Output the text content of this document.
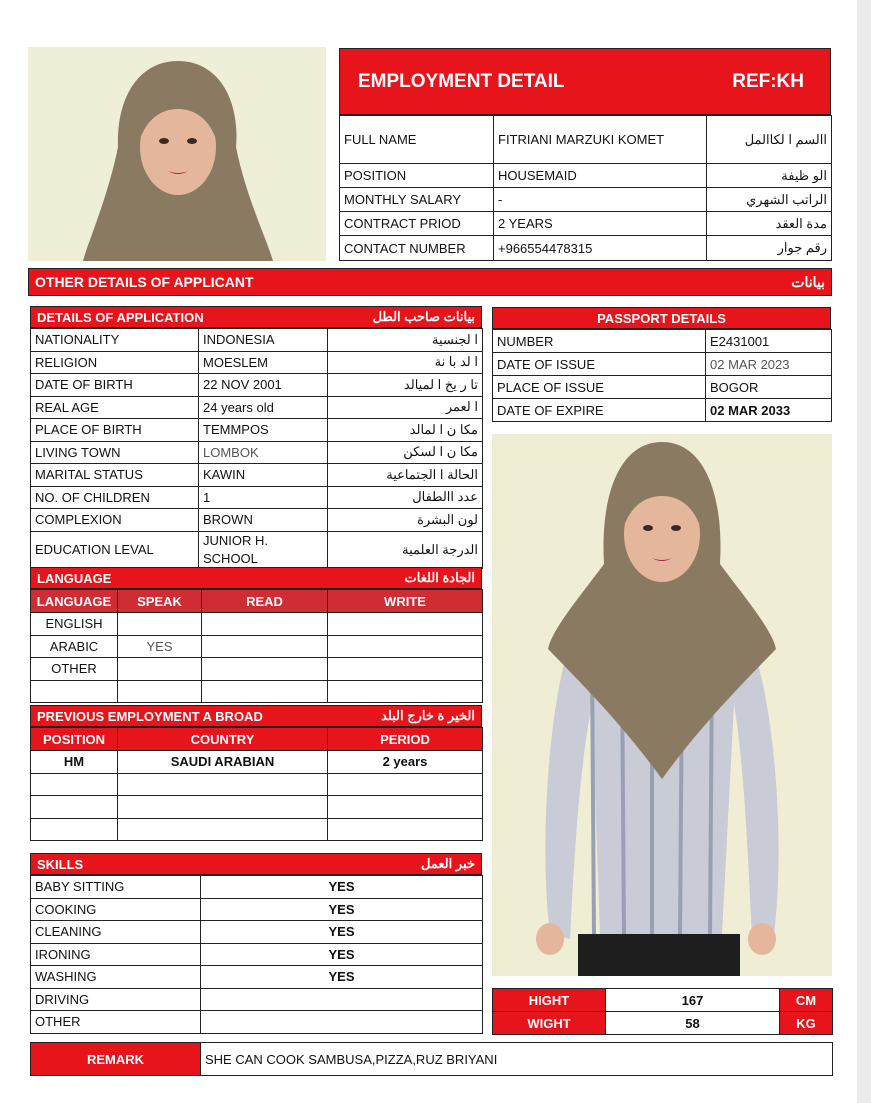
EMPLOYMENT DETAIL	REF:KH
FULL NAME	FITRIANI MARZUKI KOMET	االسم ا لكاالمل
POSITION	HOUSEMAID	الو ظيفة
MONTHLY SALARY	-	الراتب الشهري
CONTRACT PRIOD	2 YEARS	مدة العقد
CONTACT NUMBER	+966554478315	رقم جوار
OTHER DETAILS OF APPLICANT	بيانات
DETAILS OF APPLICATION	بيانات صاحب الطل
NATIONALITY	INDONESIA	ا لجنسية
RELIGION	MOESLEM	ا لد با نة
DATE OF BIRTH	22 NOV 2001	تا ر يخ ا لميالد
REAL AGE	24 years old	ا لعمر
PLACE OF BIRTH	TEMMPOS	مكا ن ا لمالد
LIVING TOWN	LOMBOK	مكا ن ا لسكن
MARITAL STATUS	KAWIN	الحالة ا الجتماعية
NO. OF CHILDREN	1	عدد االطفال
COMPLEXION	BROWN	لون البشرة
EDUCATION LEVAL	JUNIOR H. SCHOOL	الدرجة العلمية
LANGUAGE	الجادة اللغات
LANGUAGE	SPEAK	READ	WRITE
ENGLISH			
ARABIC	YES		
OTHER			

PREVIOUS EMPLOYMENT A BROAD	الخير ة خارج البلد
POSITION	COUNTRY	PERIOD
HM	SAUDI ARABIAN	2 years

SKILLS	خبر العمل
BABY SITTING	YES
COOKING	YES
CLEANING	YES
IRONING	YES
WASHING	YES
DRIVING	
OTHER	
PASSPORT DETAILS
NUMBER	E2431001
DATE OF ISSUE	02 MAR 2023
PLACE OF ISSUE	BOGOR
DATE OF EXPIRE	02 MAR 2033
HIGHT	167	CM
WIGHT	58	KG
REMARK	SHE CAN COOK SAMBUSA,PIZZA,RUZ BRIYANI
